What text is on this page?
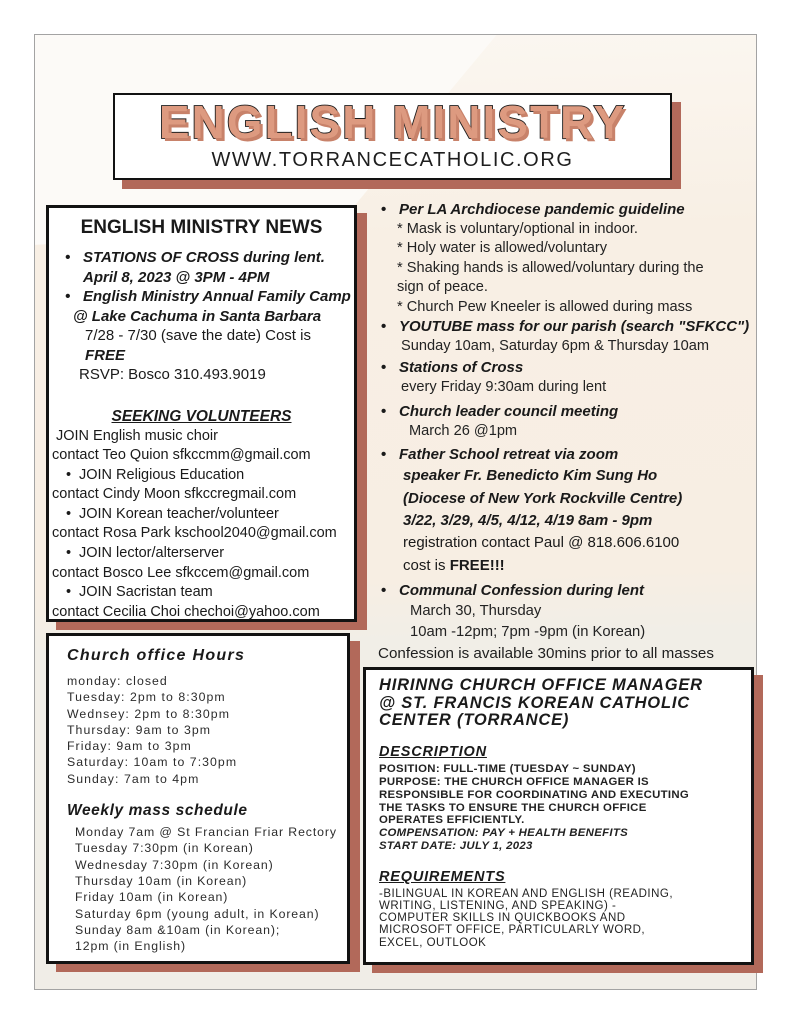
ENGLISH MINISTRY
WWW.TORRANCECATHOLIC.ORG
ENGLISH MINISTRY NEWS
• STATIONS OF CROSS during lent.
April 8, 2023 @ 3PM - 4PM
• English Ministry Annual Family Camp
@ Lake Cachuma in Santa Barbara
7/28 - 7/30 (save the date) Cost is FREE
RSVP: Bosco 310.493.9019
SEEKING VOLUNTEERS
JOIN English music choir
contact Teo Quion sfkccmm@gmail.com
• JOIN Religious Education
contact Cindy Moon sfkccregmail.com
• JOIN Korean teacher/volunteer
contact Rosa Park kschool2040@gmail.com
• JOIN lector/alterserver
contact Bosco Lee sfkccem@gmail.com
• JOIN Sacristan team
contact Cecilia Choi chechoi@yahoo.com
• Per LA Archdiocese pandemic guideline
* Mask is voluntary/optional in indoor.
* Holy water is allowed/voluntary
* Shaking hands is allowed/voluntary during the
sign of peace.
* Church Pew Kneeler is allowed during mass
• YOUTUBE mass for our parish (search "SFKCC")
Sunday 10am, Saturday 6pm & Thursday 10am
• Stations of Cross
every Friday 9:30am during lent
• Church leader council meeting
March 26 @1pm
• Father School retreat via zoom
speaker Fr. Benedicto Kim Sung Ho
(Diocese of New York Rockville Centre)
3/22, 3/29, 4/5, 4/12, 4/19 8am - 9pm
registration contact Paul @ 818.606.6100
cost is FREE!!!
• Communal Confession during lent
March 30, Thursday
10am -12pm; 7pm -9pm (in Korean)
Confession is available 30mins prior to all masses
Church office Hours
monday: closed
Tuesday: 2pm to 8:30pm
Wednsey: 2pm to 8:30pm
Thursday: 9am to 3pm
Friday: 9am to 3pm
Saturday: 10am to 7:30pm
Sunday: 7am to 4pm
Weekly mass schedule
Monday 7am @ St Francian Friar Rectory
Tuesday 7:30pm (in Korean)
Wednesday 7:30pm (in Korean)
Thursday 10am (in Korean)
Friday 10am (in Korean)
Saturday 6pm (young adult, in Korean)
Sunday 8am &10am (in Korean);
12pm (in English)
HIRINNG CHURCH OFFICE MANAGER
@ ST. FRANCIS KOREAN CATHOLIC
CENTER (TORRANCE)
DESCRIPTION
POSITION: FULL-TIME (TUESDAY ~ SUNDAY)
PURPOSE: THE CHURCH OFFICE MANAGER IS
RESPONSIBLE FOR COORDINATING AND EXECUTING
THE TASKS TO ENSURE THE CHURCH OFFICE
OPERATES EFFICIENTLY.
COMPENSATION: PAY + HEALTH BENEFITS
START DATE: JULY 1, 2023
REQUIREMENTS
-BILINGUAL IN KOREAN AND ENGLISH (READING,
WRITING, LISTENING, AND SPEAKING) -
COMPUTER SKILLS IN QUICKBOOKS AND
MICROSOFT OFFICE, PARTICULARLY WORD,
EXCEL, OUTLOOK
